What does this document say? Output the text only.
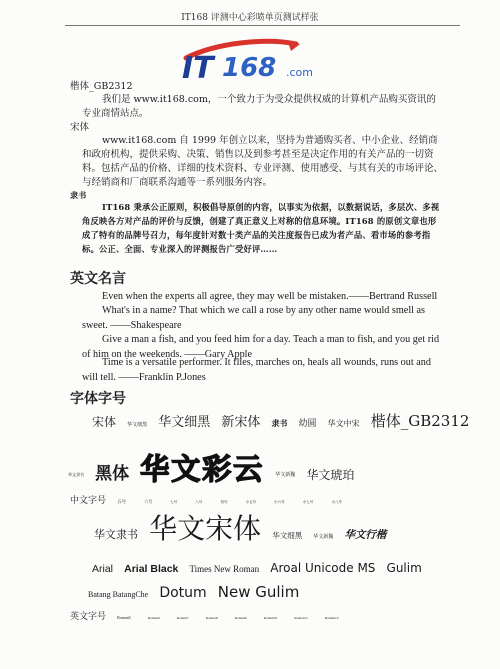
IT168 评测中心彩喷单页测试样张
IT 168 .com
楷体_GB2312
我们是 www.it168.com，一个致力于为受众提供权威的计算机产品购买资讯的专业商情站点。
宋体
www.it168.com 自 1999 年创立以来，坚持为普通购买者、中小企业、经销商和政府机构，提供采购、决策、销售以及到参考甚至是决定作用的有关产品的一切资料。包括产品的价格、详细的技术资料、专业评测、使用感受、与其有关的市场评论、与经销商和厂商联系沟通等一系列服务内容。
隶书
IT168 秉承公正原则，积极倡导原创的内容，以事实为依据，以数据说话，多层次、多视角反映各方对产品的评价与反馈，创建了真正意义上对称的信息环境。IT168 的原创文章也形成了特有的品牌号召力，每年度针对数十类产品的关注度报告已成为者产品、看市场的参考指标。公正、全面、专业深入的评测报告广受好评……
英文名言
Even when the experts all agree, they may well be mistaken.——Bertrand Russell
What's in a name? That which we call a rose by any other name would smell as sweet. ——Shakespeare
Give a man a fish, and you feed him for a day. Teach a man to fish, and you get rid of him on the weekends. ——Gary Apple
Time is a versatile performer. It flies, marches on, heals all wounds, runs out and will tell. ——Franklin P.Jones
字体字号
宋体 华文细黑 华文细黑 新宋体 隶书 幼圆 华文中宋 楷体_GB2312
华文隶书 黑体 华文彩云 华文新魏 华文琥珀
中文字号 五号	六号	七号	八号	初号	小五号	小六号	小七号	小八号
华文隶书 华文宋体 华文细黑 华文新魏 华文行楷
Arial Arial Black Times New Roman Aroal Unicode MS Gulim
Batang BatangChe Dotum New Gulim
英文字号	Roman5	Roman6	Roman7	Roman8	Roman9	Roman10	Roman11	Roman12
